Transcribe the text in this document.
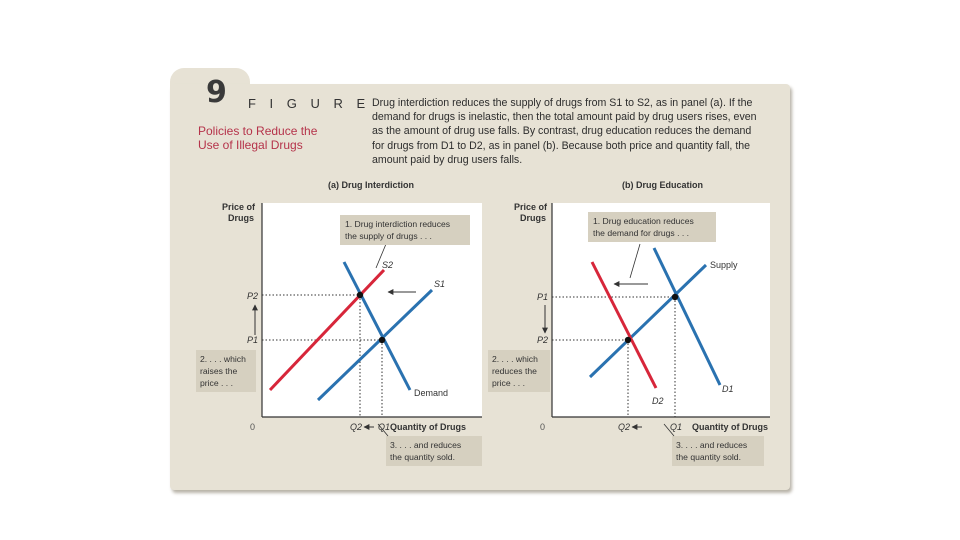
9 F I G U R E
Policies to Reduce the
Use of Illegal Drugs
Drug interdiction reduces the supply of drugs from S1 to S2, as in panel (a). If the demand for drugs is inelastic, then the total amount paid by drug users rises, even as the amount of drug use falls. By contrast, drug education reduces the demand for drugs from D1 to D2, as in panel (b). Because both price and quantity fall, the amount paid by drug users falls.
(a) Drug Interdiction	(b) Drug Education
Price of
Drugs
Quantity of Drugs
0
S2
S1
Demand
P2
P1
Q2 Q1
1. Drug interdiction reduces
the supply of drugs . . .
2. . . . which
raises the
price . . .
3. . . . and reduces
the quantity sold.
Price of
Drugs
Quantity of Drugs
0
Supply
D1
D2
P1
P2
Q2	Q1
1. Drug education reduces
the demand for drugs . . .
2. . . . which
reduces the
price . . .
3. . . . and reduces
the quantity sold.
